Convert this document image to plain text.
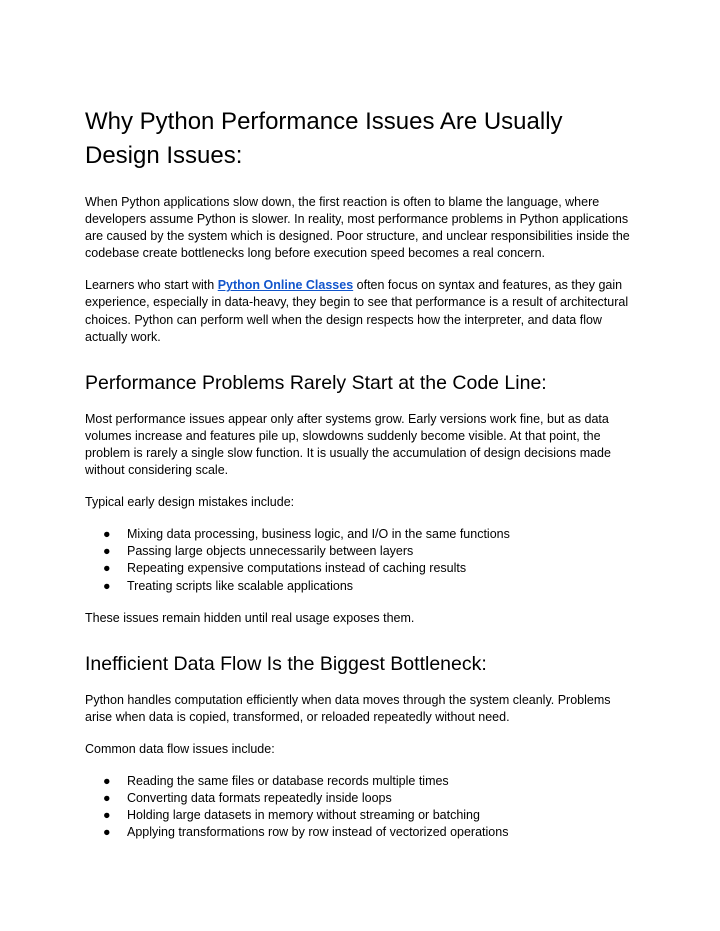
Why Python Performance Issues Are Usually Design Issues:

When Python applications slow down, the first reaction is often to blame the language, where developers assume Python is slower. In reality, most performance problems in Python applications are caused by the system which is designed. Poor structure, and unclear responsibilities inside the codebase create bottlenecks long before execution speed becomes a real concern.

Learners who start with Python Online Classes often focus on syntax and features, as they gain experience, especially in data-heavy, they begin to see that performance is a result of architectural choices. Python can perform well when the design respects how the interpreter, and data flow actually work.

Performance Problems Rarely Start at the Code Line:

Most performance issues appear only after systems grow. Early versions work fine, but as data volumes increase and features pile up, slowdowns suddenly become visible. At that point, the problem is rarely a single slow function. It is usually the accumulation of design decisions made without considering scale.

Typical early design mistakes include:

● Mixing data processing, business logic, and I/O in the same functions
● Passing large objects unnecessarily between layers
● Repeating expensive computations instead of caching results
● Treating scripts like scalable applications

These issues remain hidden until real usage exposes them.

Inefficient Data Flow Is the Biggest Bottleneck:

Python handles computation efficiently when data moves through the system cleanly. Problems arise when data is copied, transformed, or reloaded repeatedly without need.

Common data flow issues include:

● Reading the same files or database records multiple times
● Converting data formats repeatedly inside loops
● Holding large datasets in memory without streaming or batching
● Applying transformations row by row instead of vectorized operations
